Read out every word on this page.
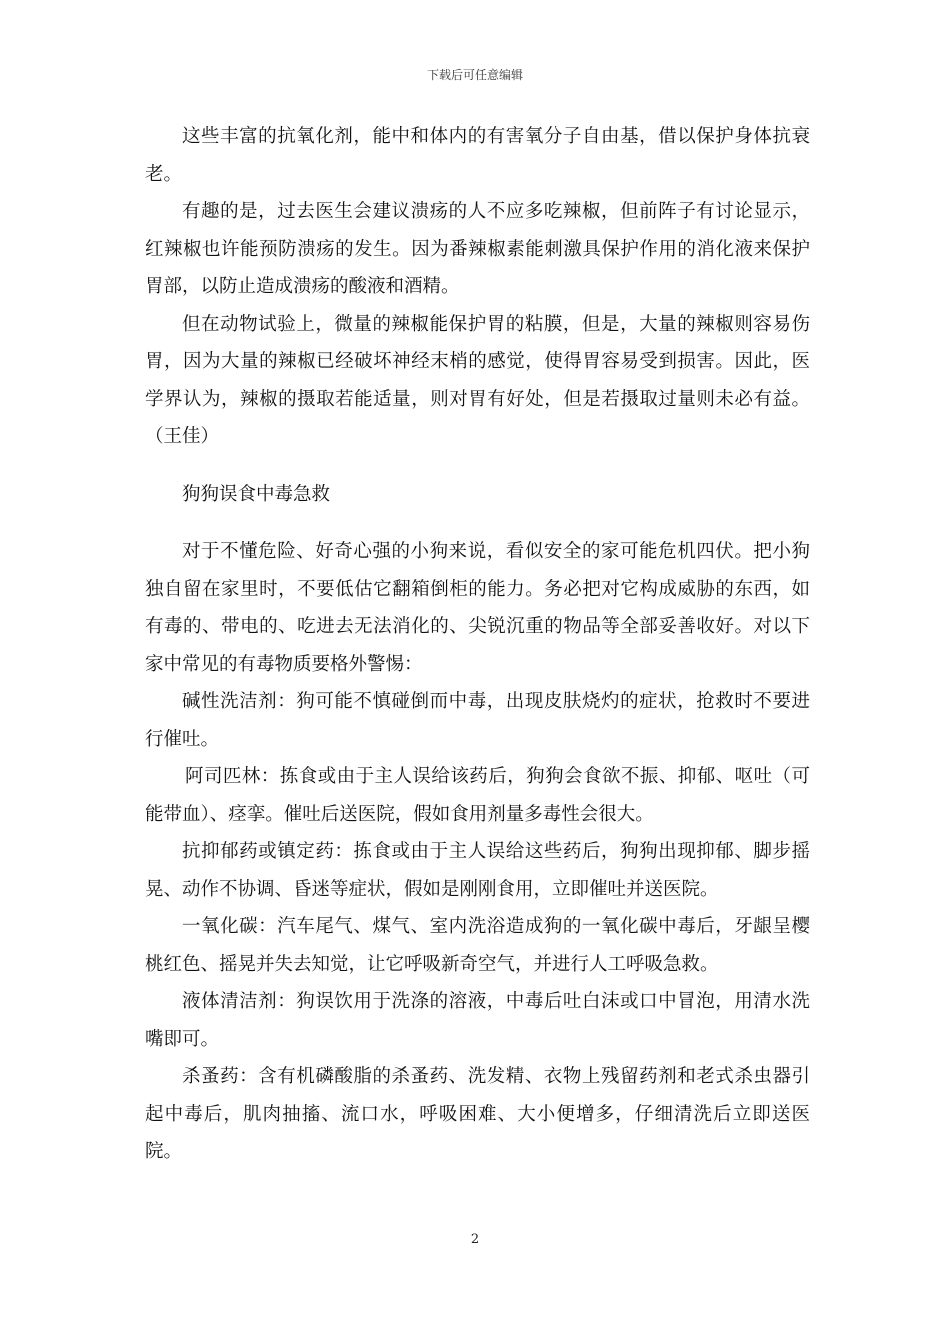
下载后可任意编辑

这些丰富的抗氧化剂，能中和体内的有害氧分子自由基，借以保护身体抗衰老。

有趣的是，过去医生会建议溃疡的人不应多吃辣椒，但前阵子有讨论显示，红辣椒也许能预防溃疡的发生。因为番辣椒素能刺激具保护作用的消化液来保护胃部，以防止造成溃疡的酸液和酒精。

但在动物试验上，微量的辣椒能保护胃的粘膜，但是，大量的辣椒则容易伤胃，因为大量的辣椒已经破坏神经末梢的感觉，使得胃容易受到损害。因此，医学界认为，辣椒的摄取若能适量，则对胃有好处，但是若摄取过量则未必有益。（王佳）

狗狗误食中毒急救

对于不懂危险、好奇心强的小狗来说，看似安全的家可能危机四伏。把小狗独自留在家里时，不要低估它翻箱倒柜的能力。务必把对它构成威胁的东西，如有毒的、带电的、吃进去无法消化的、尖锐沉重的物品等全部妥善收好。对以下家中常见的有毒物质要格外警惕：

碱性洗洁剂：狗可能不慎碰倒而中毒，出现皮肤烧灼的症状，抢救时不要进行催吐。

阿司匹林：拣食或由于主人误给该药后，狗狗会食欲不振、抑郁、呕吐（可能带血）、痉挛。催吐后送医院，假如食用剂量多毒性会很大。

抗抑郁药或镇定药：拣食或由于主人误给这些药后，狗狗出现抑郁、脚步摇晃、动作不协调、昏迷等症状，假如是刚刚食用，立即催吐并送医院。

一氧化碳：汽车尾气、煤气、室内洗浴造成狗的一氧化碳中毒后，牙龈呈樱桃红色、摇晃并失去知觉，让它呼吸新奇空气，并进行人工呼吸急救。

液体清洁剂：狗误饮用于洗涤的溶液，中毒后吐白沫或口中冒泡，用清水洗嘴即可。

杀蚤药：含有机磷酸脂的杀蚤药、洗发精、衣物上残留药剂和老式杀虫器引起中毒后，肌肉抽搐、流口水，呼吸困难、大小便增多，仔细清洗后立即送医院。

2
